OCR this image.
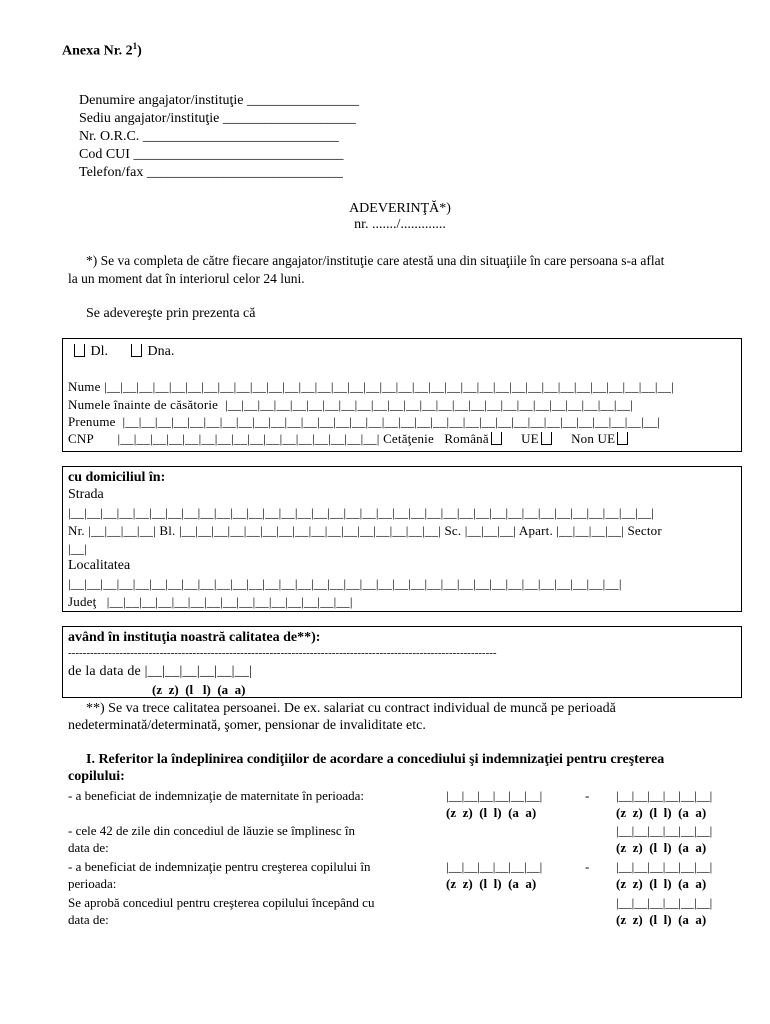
Anexa Nr. $2^1$)
Denumire angajator/instituţie ________________
Sediu angajator/instituţie ___________________
Nr. O.R.C. ____________________________
Cod CUI ______________________________
Telefon/fax ____________________________
ADEVERINŢĂ*)
nr. ......./.............
*) Se va completa de către fiecare angajator/instituţie care atestă una din situaţiile în care persoana s-a aflat
la un moment dat în interiorul celor 24 luni.
Se adevereşte prin prezenta că
Dl.	Dna.
Nume |__|__|__|__|__|__|__|__|__|__|__|__|__|__|__|__|__|__|__|__|__|__|__|__|__|__|__|__|__|__|__|__|__|__|__|
Numele înainte de căsătorie  |__|__|__|__|__|__|__|__|__|__|__|__|__|__|__|__|__|__|__|__|__|__|__|__|__|
Prenume  |__|__|__|__|__|__|__|__|__|__|__|__|__|__|__|__|__|__|__|__|__|__|__|__|__|__|__|__|__|__|__|__|__|
CNP       |__|__|__|__|__|__|__|__|__|__|__|__|__|__|__|__| Cetăţenie Română UE Non UE
cu domiciliul în:
Strada
|__|__|__|__|__|__|__|__|__|__|__|__|__|__|__|__|__|__|__|__|__|__|__|__|__|__|__|__|__|__|__|__|__|__|__|__|
Nr. |__|__|__|__| Bl. |__|__|__|__|__|__|__|__|__|__|__|__|__|__|__|__| Sc. |__|__|__| Apart. |__|__|__|__| Sector
|__|
Localitatea
|__|__|__|__|__|__|__|__|__|__|__|__|__|__|__|__|__|__|__|__|__|__|__|__|__|__|__|__|__|__|__|__|__|__|
Judeţ   |__|__|__|__|__|__|__|__|__|__|__|__|__|__|__|
având în instituţia noastră calitatea de**):
---------------------------------------------------------------------------------------------------------------------
de la data de |__|__|__|__|__|__|
(z  z)  (l   l)  (a  a)
**) Se va trece calitatea persoanei. De ex. salariat cu contract individual de muncă pe perioadă
nedeterminată/determinată, şomer, pensionar de invaliditate etc.
I. Referitor la îndeplinirea condiţiilor de acordare a concediului şi indemnizaţiei pentru creşterea
copilului:
- a beneficiat de indemnizaţie de maternitate în perioada:	|__|__|__|__|__|__|	- |__|__|__|__|__|__|
(z  z)  (l  l)  (a  a)	(z  z)  (l  l)  (a  a)
- cele 42 de zile din concediul de lăuzie se împlinesc în
data de:
|__|__|__|__|__|__|
(z  z)  (l  l)  (a  a)
- a beneficiat de indemnizaţie pentru creşterea copilului în
perioada:
|__|__|__|__|__|__|	- |__|__|__|__|__|__|
(z  z)  (l  l)  (a  a)	(z  z)  (l  l)  (a  a)
Se aprobă concediul pentru creşterea copilului începând cu
data de:
|__|__|__|__|__|__|
(z  z)  (l  l)  (a  a)
